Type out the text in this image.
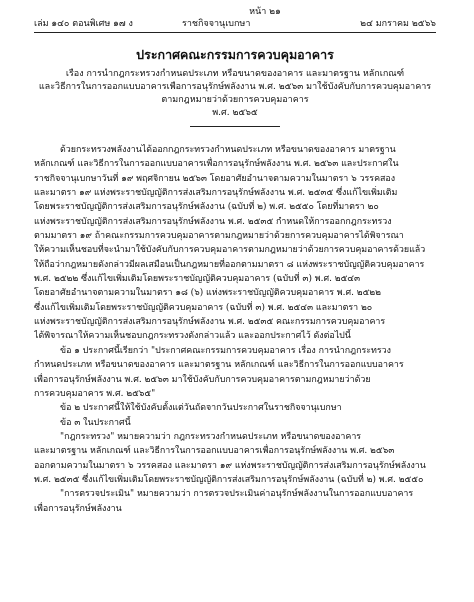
หน้า ๒๑
เล่ม ๑๔๐ ตอนพิเศษ ๑๗ ง	ราชกิจจานุเบกษา	๒๔ มกราคม ๒๕๖๖
ประกาศคณะกรรมการควบคุมอาคาร
เรื่อง การนำกฎกระทรวงกำหนดประเภท หรือขนาดของอาคาร และมาตรฐาน หลักเกณฑ์
และวิธีการในการออกแบบอาคารเพื่อการอนุรักษ์พลังงาน พ.ศ. ๒๕๖๓ มาใช้บังคับกับการควบคุมอาคาร
ตามกฎหมายว่าด้วยการควบคุมอาคาร
พ.ศ. ๒๕๖๕
ด้วยกระทรวงพลังงานได้ออกกฎกระทรวงกำหนดประเภท หรือขนาดของอาคาร มาตรฐาน
หลักเกณฑ์ และวิธีการในการออกแบบอาคารเพื่อการอนุรักษ์พลังงาน พ.ศ. ๒๕๖๓ และประกาศใน
ราชกิจจานุเบกษาวันที่ ๑๙ พฤศจิกายน ๒๕๖๓ โดยอาศัยอำนาจตามความในมาตรา ๖ วรรคสอง
และมาตรา ๑๙ แห่งพระราชบัญญัติการส่งเสริมการอนุรักษ์พลังงาน พ.ศ. ๒๕๓๕ ซึ่งแก้ไขเพิ่มเติม
โดยพระราชบัญญัติการส่งเสริมการอนุรักษ์พลังงาน (ฉบับที่ ๒) พ.ศ. ๒๕๕๐ โดยที่มาตรา ๒๐
แห่งพระราชบัญญัติการส่งเสริมการอนุรักษ์พลังงาน พ.ศ. ๒๕๓๕ กำหนดให้การออกกฎกระทรวง
ตามมาตรา ๑๙ ถ้าคณะกรรมการควบคุมอาคารตามกฎหมายว่าด้วยการควบคุมอาคารได้พิจารณา
ให้ความเห็นชอบที่จะนำมาใช้บังคับกับการควบคุมอาคารตามกฎหมายว่าด้วยการควบคุมอาคารด้วยแล้ว
ให้ถือว่ากฎหมายดังกล่าวมีผลเสมือนเป็นกฎหมายที่ออกตามมาตรา ๘ แห่งพระราชบัญญัติควบคุมอาคาร
พ.ศ. ๒๕๒๒ ซึ่งแก้ไขเพิ่มเติมโดยพระราชบัญญัติควบคุมอาคาร (ฉบับที่ ๓) พ.ศ. ๒๕๔๓
โดยอาศัยอำนาจตามความในมาตรา ๑๘ (๖) แห่งพระราชบัญญัติควบคุมอาคาร พ.ศ. ๒๕๒๒
ซึ่งแก้ไขเพิ่มเติมโดยพระราชบัญญัติควบคุมอาคาร (ฉบับที่ ๓) พ.ศ. ๒๕๔๓ และมาตรา ๒๐
แห่งพระราชบัญญัติการส่งเสริมการอนุรักษ์พลังงาน พ.ศ. ๒๕๓๕ คณะกรรมการควบคุมอาคาร
ได้พิจารณาให้ความเห็นชอบกฎกระทรวงดังกล่าวแล้ว และออกประกาศไว้ ดังต่อไปนี้
ข้อ ๑ ประกาศนี้เรียกว่า "ประกาศคณะกรรมการควบคุมอาคาร เรื่อง การนำกฎกระทรวง
กำหนดประเภท หรือขนาดของอาคาร และมาตรฐาน หลักเกณฑ์ และวิธีการในการออกแบบอาคาร
เพื่อการอนุรักษ์พลังงาน พ.ศ. ๒๕๖๓ มาใช้บังคับกับการควบคุมอาคารตามกฎหมายว่าด้วย
การควบคุมอาคาร พ.ศ. ๒๕๖๕"
ข้อ ๒ ประกาศนี้ให้ใช้บังคับตั้งแต่วันถัดจากวันประกาศในราชกิจจานุเบกษา
ข้อ ๓ ในประกาศนี้
"กฎกระทรวง" หมายความว่า กฎกระทรวงกำหนดประเภท หรือขนาดของอาคาร
และมาตรฐาน หลักเกณฑ์ และวิธีการในการออกแบบอาคารเพื่อการอนุรักษ์พลังงาน พ.ศ. ๒๕๖๓
ออกตามความในมาตรา ๖ วรรคสอง และมาตรา ๑๙ แห่งพระราชบัญญัติการส่งเสริมการอนุรักษ์พลังงาน
พ.ศ. ๒๕๓๕ ซึ่งแก้ไขเพิ่มเติมโดยพระราชบัญญัติการส่งเสริมการอนุรักษ์พลังงาน (ฉบับที่ ๒) พ.ศ. ๒๕๕๐
"การตรวจประเมิน" หมายความว่า การตรวจประเมินค่าอนุรักษ์พลังงานในการออกแบบอาคาร
เพื่อการอนุรักษ์พลังงาน
